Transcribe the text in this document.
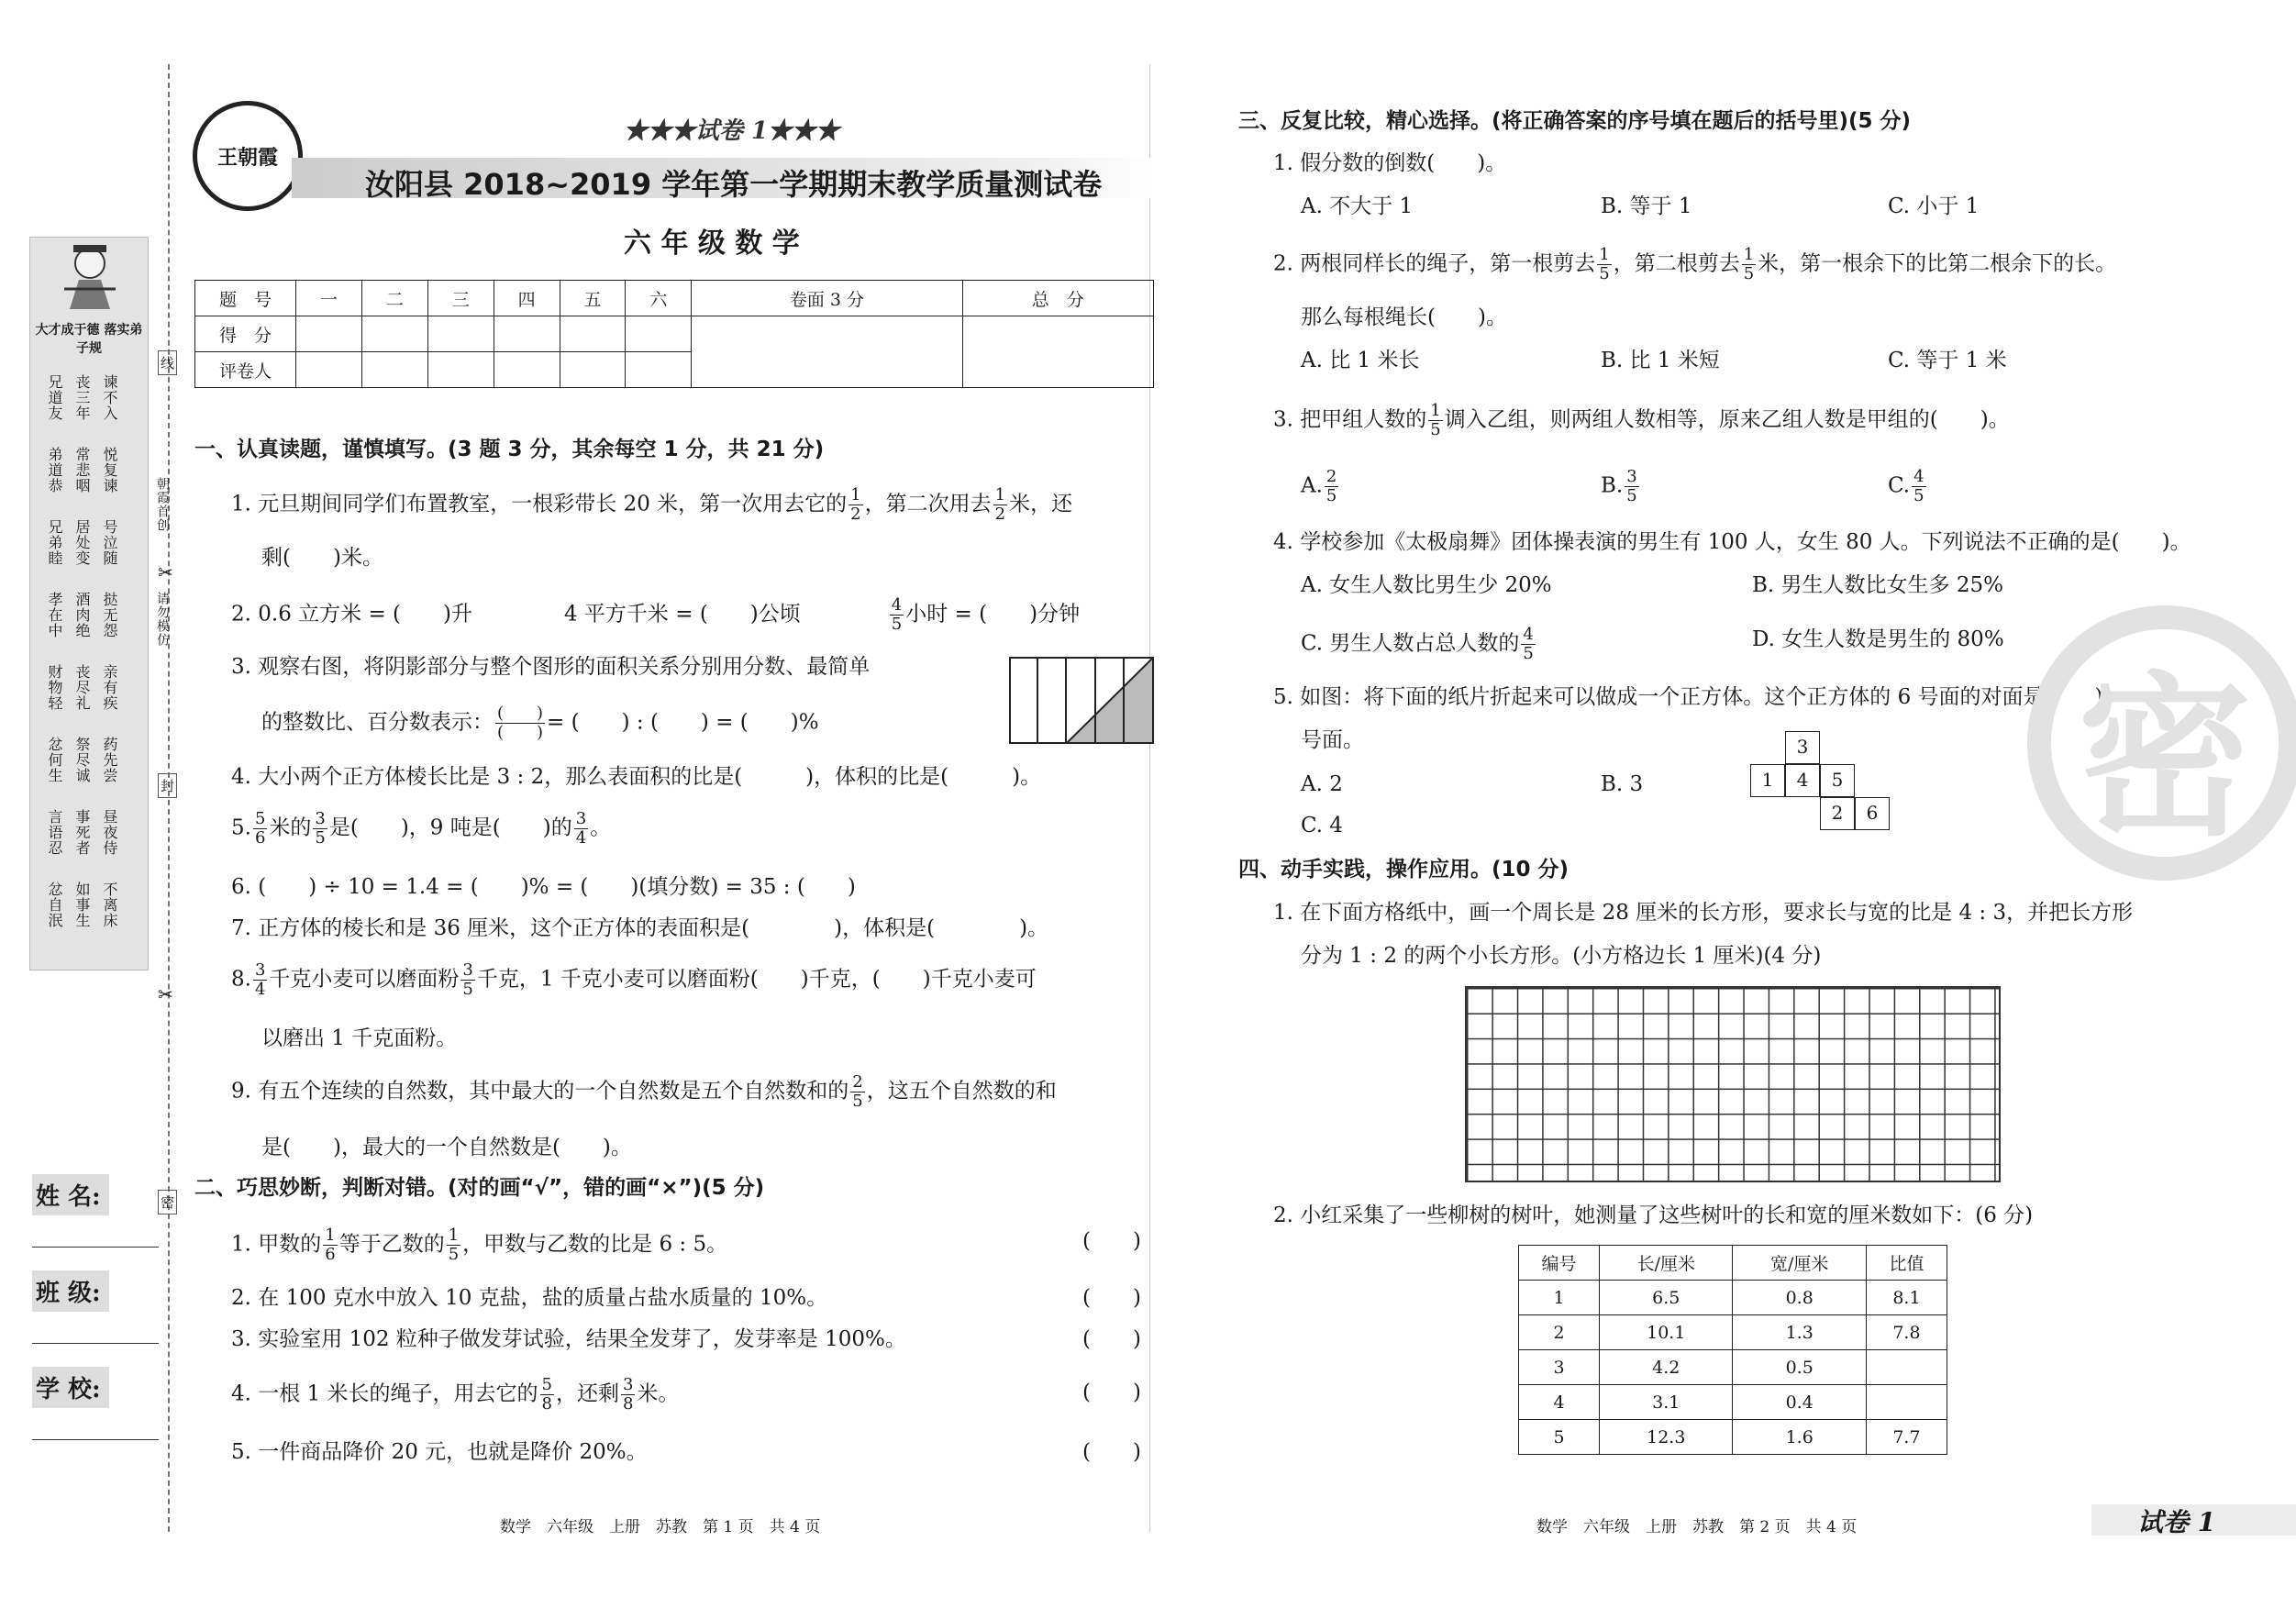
大才成于德 落实弟子规
兄道友
弟道恭
兄弟睦
孝在中
财物轻
忿何生
言语忍
忿自泯
丧三年
常悲咽
居处变
酒肉绝
丧尽礼
祭尽诚
事死者
如事生
谏不入
悦复谏
号泣随
挞无怨
亲有疾
药先尝
昼夜侍
不离床
朝霞首创
请勿模仿
线
封
密
✂
✂
姓 名:
班 级:
学 校:
王朝霞
★★★试卷 1★★★
汝阳县 2018~2019 学年第一学期期末教学质量测试卷
六 年 级 数 学
题　号	一	二	三	四	五	六	卷面 3 分	总　分
得　分								
评卷人								
一、认真读题，谨慎填写。(3 题 3 分，其余每空 1 分，共 21 分)
1. 元旦期间同学们布置教室，一根彩带长 20 米，第一次用去它的 $\frac{1}{2}$ ，第二次用去 $\frac{1}{2}$ 米，还
剩(　　)米。
2. 0.6 立方米 = (　　)升	4 平方千米 = (　　)公顷	$\frac{4}{5}$ 小时 = (　　)分钟
3. 观察右图，将阴影部分与整个图形的面积关系分别用分数、最简单
的整数比、百分数表示： $\frac{( )}{( )}$ = (　　) : (　　) = (　　)%
4. 大小两个正方体棱长比是 3 : 2，那么表面积的比是(　　　)，体积的比是(　　　)。
5. $\frac{5}{6}$ 米的 $\frac{3}{5}$ 是(　　)，9 吨是(　　)的 $\frac{3}{4}$ 。
6. (　　) ÷ 10 = 1.4 = (　　)% = (　　)(填分数) = 35 : (　　)
7. 正方体的棱长和是 36 厘米，这个正方体的表面积是(　　　　)，体积是(　　　　)。
8. $\frac{3}{4}$ 千克小麦可以磨面粉 $\frac{3}{5}$ 千克，1 千克小麦可以磨面粉(　　)千克，(　　)千克小麦可
以磨出 1 千克面粉。
9. 有五个连续的自然数，其中最大的一个自然数是五个自然数和的 $\frac{2}{5}$ ，这五个自然数的和
是(　　)，最大的一个自然数是(　　)。
二、巧思妙断，判断对错。(对的画“√”，错的画“×”)(5 分)
1. 甲数的 $\frac{1}{6}$ 等于乙数的 $\frac{1}{5}$ ，甲数与乙数的比是 6 : 5。
2. 在 100 克水中放入 10 克盐，盐的质量占盐水质量的 10%。
3. 实验室用 102 粒种子做发芽试验，结果全发芽了，发芽率是 100%。
4. 一根 1 米长的绳子，用去它的 $\frac{5}{8}$ ，还剩 $\frac{3}{8}$ 米。
5. 一件商品降价 20 元，也就是降价 20%。
(　　)
(　　)
(　　)
(　　)
(　　)
数学　六年级　上册　苏教　第 1 页　共 4 页
三、反复比较，精心选择。(将正确答案的序号填在题后的括号里)(5 分)
1. 假分数的倒数(　　)。
A. 不大于 1	B. 等于 1	C. 小于 1
2. 两根同样长的绳子，第一根剪去 $\frac{1}{5}$ ，第二根剪去 $\frac{1}{5}$ 米，第一根余下的比第二根余下的长。
那么每根绳长(　　)。
A. 比 1 米长	B. 比 1 米短	C. 等于 1 米
3. 把甲组人数的 $\frac{1}{5}$ 调入乙组，则两组人数相等，原来乙组人数是甲组的(　　)。
A. $\frac{2}{5}$	B. $\frac{3}{5}$	C. $\frac{4}{5}$
4. 学校参加《太极扇舞》团体操表演的男生有 100 人，女生 80 人。下列说法不正确的是(　　)。
A. 女生人数比男生少 20%	B. 男生人数比女生多 25%
C. 男生人数占总人数的 $\frac{4}{5}$	D. 女生人数是男生的 80%
5. 如图：将下面的纸片折起来可以做成一个正方体。这个正方体的 6 号面的对面是(　　)
号面。
A. 2	B. 3
C. 4
3
1	4	5
2	6
四、动手实践，操作应用。(10 分)
1. 在下面方格纸中，画一个周长是 28 厘米的长方形，要求长与宽的比是 4 : 3，并把长方形
分为 1 : 2 的两个小长方形。(小方格边长 1 厘米)(4 分)
2. 小红采集了一些柳树的树叶，她测量了这些树叶的长和宽的厘米数如下：(6 分)
编号	长/厘米	宽/厘米	比值
1	6.5	0.8	8.1
2	10.1	1.3	7.8
3	4.2	0.5	
4	3.1	0.4	
5	12.3	1.6	7.7
密
数学　六年级　上册　苏教　第 2 页　共 4 页	试卷 1
